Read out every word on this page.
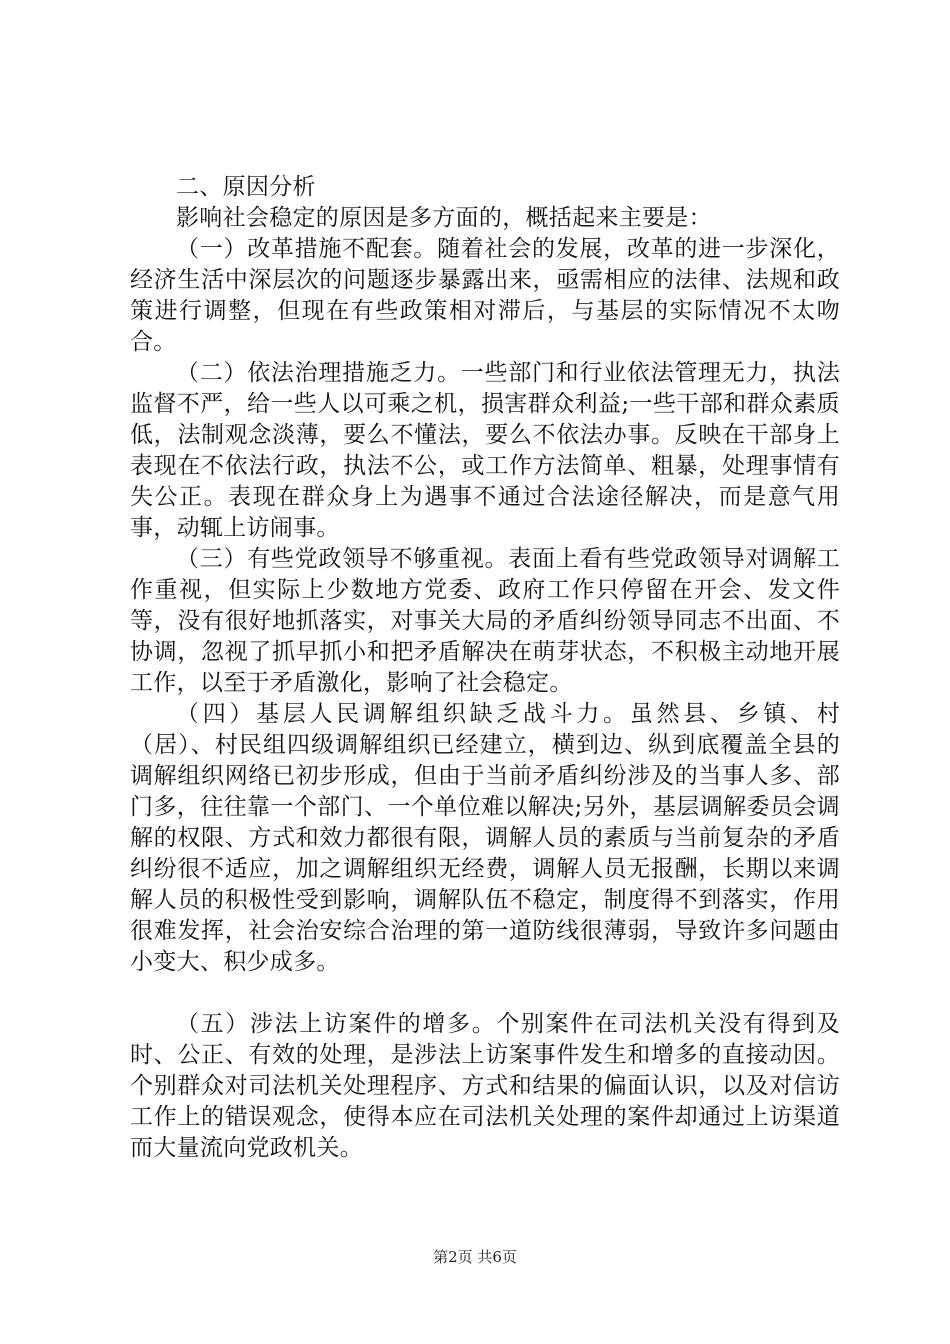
二、原因分析

影响社会稳定的原因是多方面的，概括起来主要是：

（一）改革措施不配套。随着社会的发展，改革的进一步深化，经济生活中深层次的问题逐步暴露出来，亟需相应的法律、法规和政策进行调整，但现在有些政策相对滞后，与基层的实际情况不太吻合。

（二）依法治理措施乏力。一些部门和行业依法管理无力，执法监督不严，给一些人以可乘之机，损害群众利益;一些干部和群众素质低，法制观念淡薄，要么不懂法，要么不依法办事。反映在干部身上表现在不依法行政，执法不公，或工作方法简单、粗暴，处理事情有失公正。表现在群众身上为遇事不通过合法途径解决，而是意气用事，动辄上访闹事。

（三）有些党政领导不够重视。表面上看有些党政领导对调解工作重视，但实际上少数地方党委、政府工作只停留在开会、发文件等，没有很好地抓落实，对事关大局的矛盾纠纷领导同志不出面、不协调，忽视了抓早抓小和把矛盾解决在萌芽状态，不积极主动地开展工作，以至于矛盾激化，影响了社会稳定。

（四）基层人民调解组织缺乏战斗力。虽然县、乡镇、村（居）、村民组四级调解组织已经建立，横到边、纵到底覆盖全县的调解组织网络已初步形成，但由于当前矛盾纠纷涉及的当事人多、部门多，往往靠一个部门、一个单位难以解决;另外，基层调解委员会调解的权限、方式和效力都很有限，调解人员的素质与当前复杂的矛盾纠纷很不适应，加之调解组织无经费，调解人员无报酬，长期以来调解人员的积极性受到影响，调解队伍不稳定，制度得不到落实，作用很难发挥，社会治安综合治理的第一道防线很薄弱，导致许多问题由小变大、积少成多。

（五）涉法上访案件的增多。个别案件在司法机关没有得到及时、公正、有效的处理，是涉法上访案事件发生和增多的直接动因。个别群众对司法机关处理程序、方式和结果的偏面认识，以及对信访工作上的错误观念，使得本应在司法机关处理的案件却通过上访渠道而大量流向党政机关。

第2页 共6页
